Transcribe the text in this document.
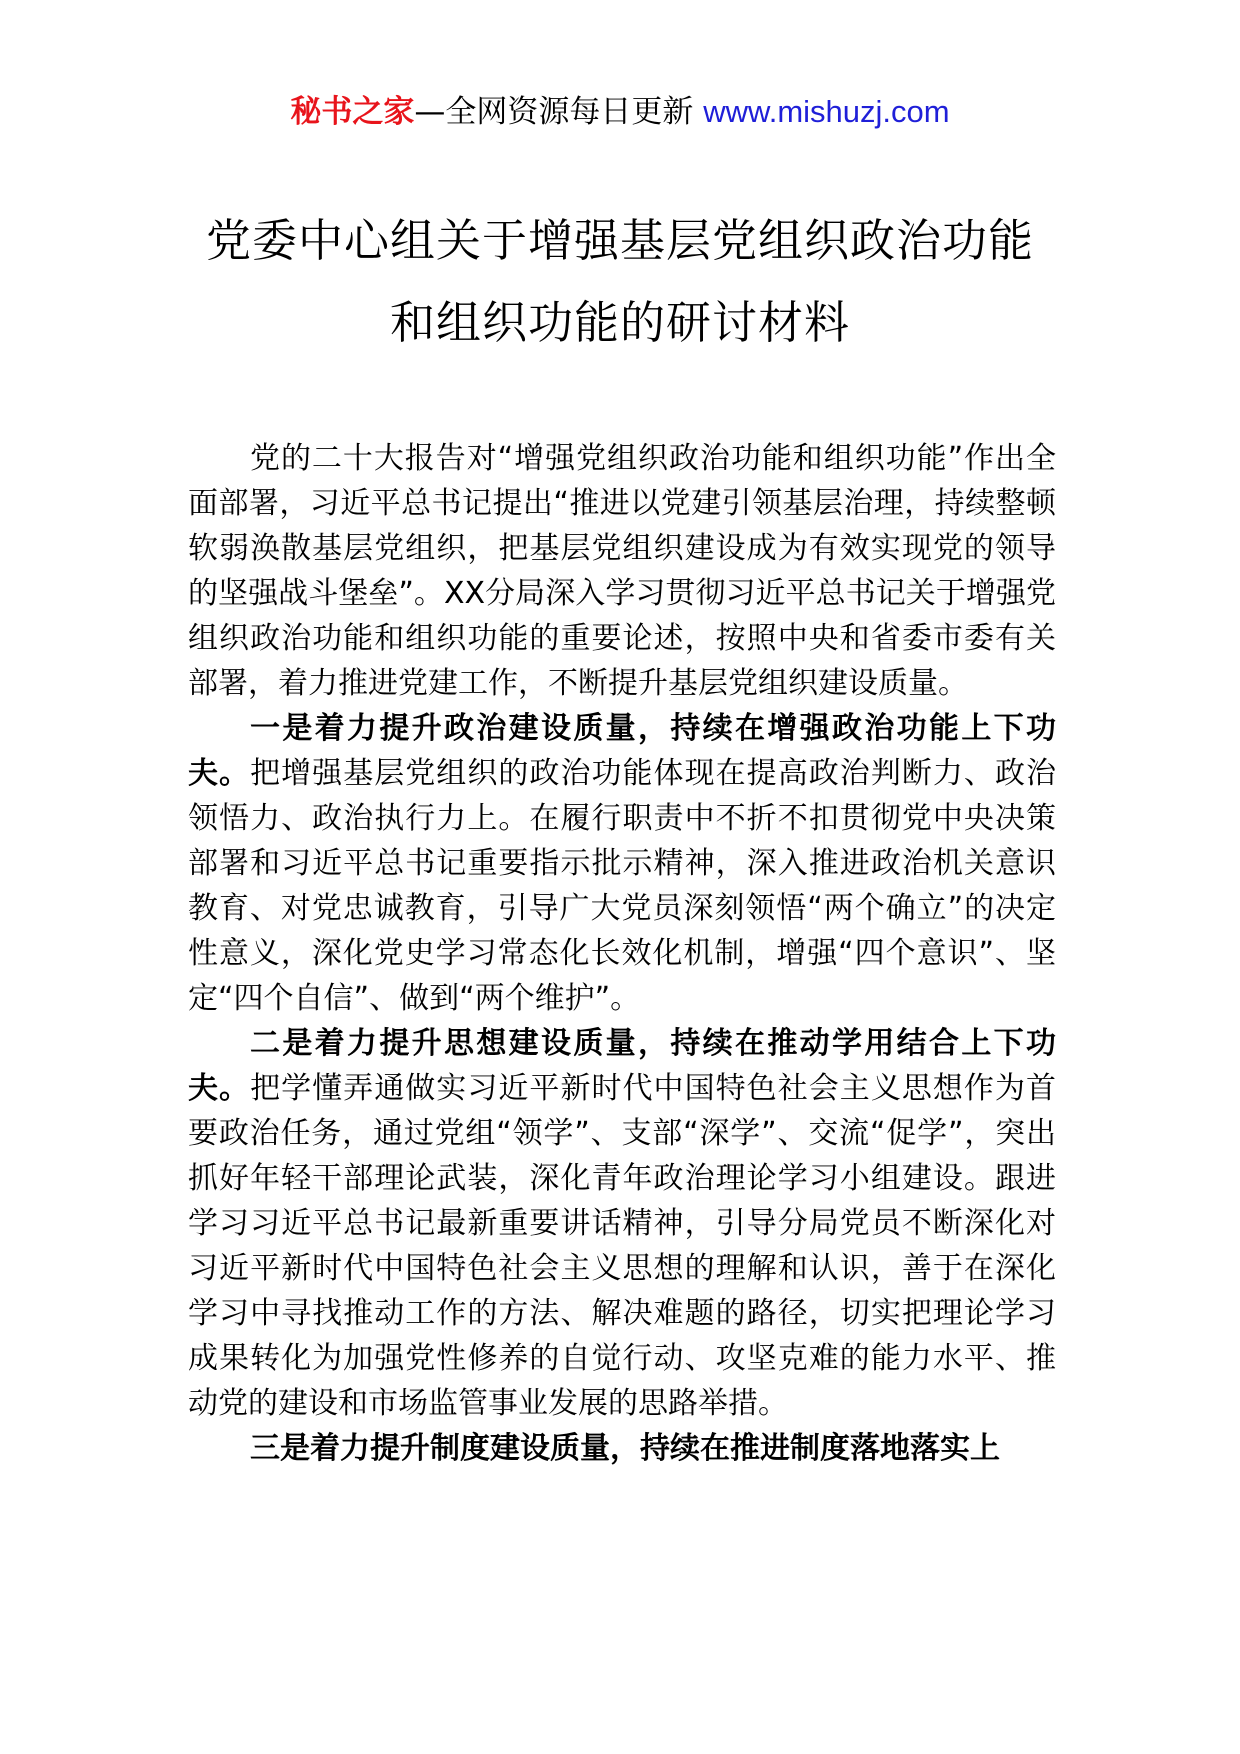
秘书之家—全网资源每日更新 www.mishuzj.com
党委中心组关于增强基层党组织政治功能
和组织功能的研讨材料

党的二十大报告对“增强党组织政治功能和组织功能”作出全面部署，习近平总书记提出“推进以党建引领基层治理，持续整顿软弱涣散基层党组织，把基层党组织建设成为有效实现党的领导的坚强战斗堡垒”。XX分局深入学习贯彻习近平总书记关于增强党组织政治功能和组织功能的重要论述，按照中央和省委市委有关部署，着力推进党建工作，不断提升基层党组织建设质量。

一是着力提升政治建设质量，持续在增强政治功能上下功夫。把增强基层党组织的政治功能体现在提高政治判断力、政治领悟力、政治执行力上。在履行职责中不折不扣贯彻党中央决策部署和习近平总书记重要指示批示精神，深入推进政治机关意识教育、对党忠诚教育，引导广大党员深刻领悟“两个确立”的决定性意义，深化党史学习常态化长效化机制，增强“四个意识”、坚定“四个自信”、做到“两个维护”。

二是着力提升思想建设质量，持续在推动学用结合上下功夫。把学懂弄通做实习近平新时代中国特色社会主义思想作为首要政治任务，通过党组“领学”、支部“深学”、交流“促学”，突出抓好年轻干部理论武装，深化青年政治理论学习小组建设。跟进学习习近平总书记最新重要讲话精神，引导分局党员不断深化对习近平新时代中国特色社会主义思想的理解和认识，善于在深化学习中寻找推动工作的方法、解决难题的路径，切实把理论学习成果转化为加强党性修养的自觉行动、攻坚克难的能力水平、推动党的建设和市场监管事业发展的思路举措。

三是着力提升制度建设质量，持续在推进制度落地落实上
